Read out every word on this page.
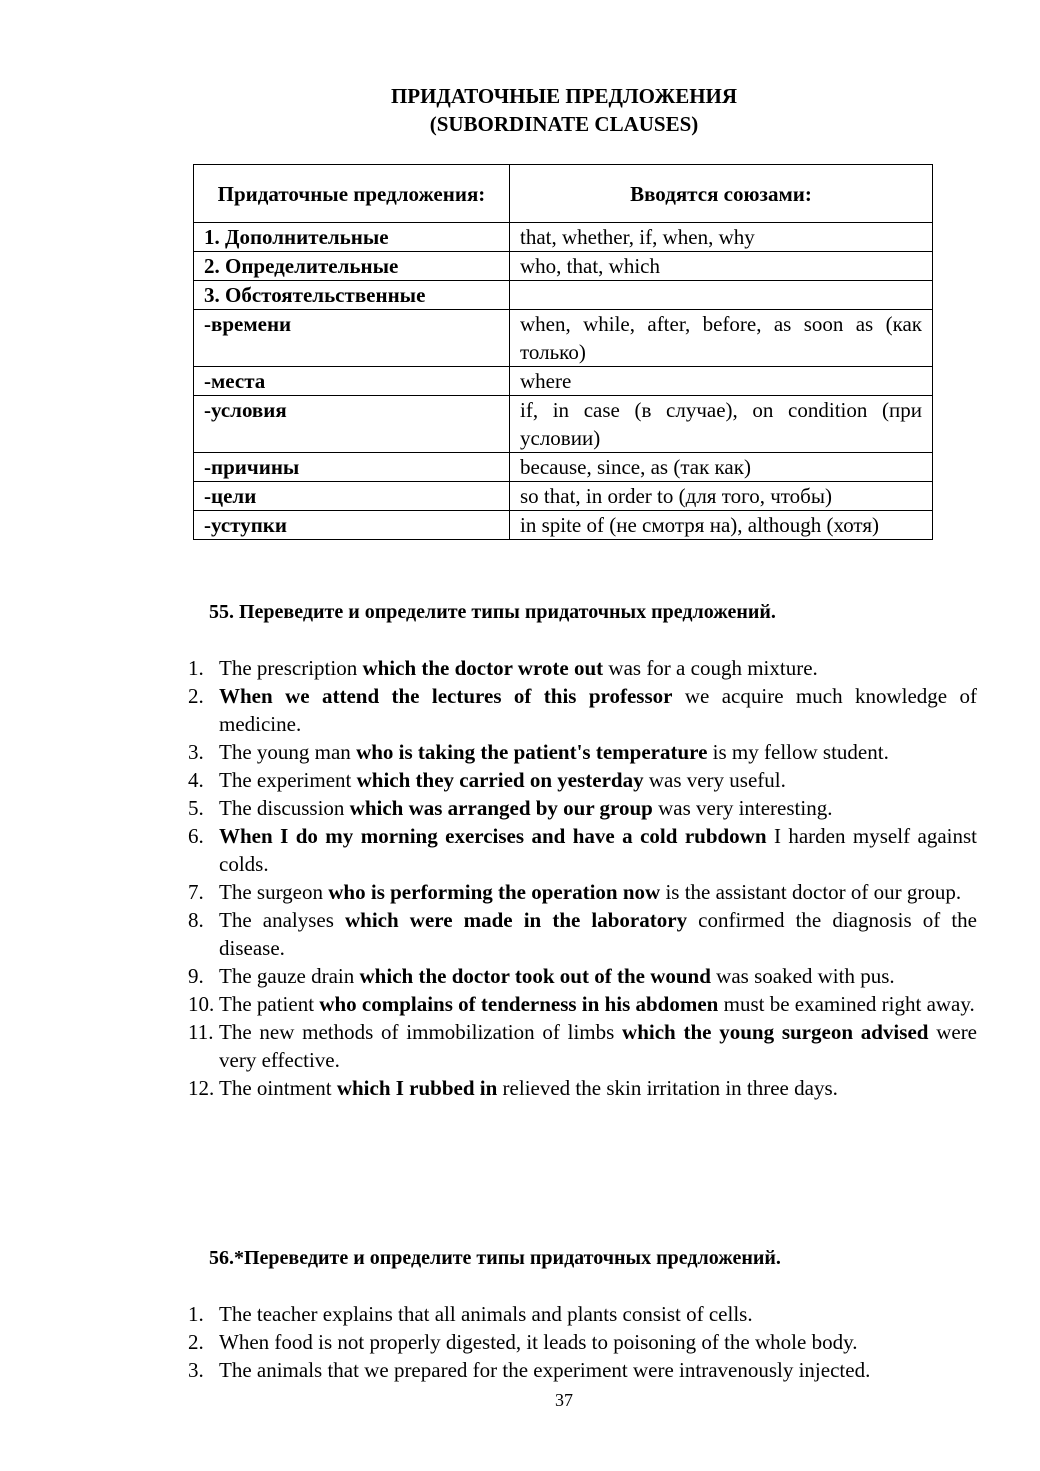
ПРИДАТОЧНЫЕ ПРЕДЛОЖЕНИЯ
(SUBORDINATE CLAUSES)
Придаточные предложения:	Вводятся союзами:
1. Дополнительные	that, whether, if, when, why
2. Определительные	who, that, which
3. Обстоятельственные	
-времени	when, while, after, before, as soon as (как только)
-места	where
-условия	if, in case (в случае), on condition (при условии)
-причины	because, since, as (так как)
-цели	so that, in order to (для того, чтобы)
-уступки	in spite of (не смотря на), although (хотя)
55. Переведите и определите типы придаточных предложений.
1. The prescription which the doctor wrote out was for a cough mixture.
2. When we attend the lectures of this professor we acquire much knowledge of medicine.
3. The young man who is taking the patient's temperature is my fellow student.
4. The experiment which they carried on yesterday was very useful.
5. The discussion which was arranged by our group was very interesting.
6. When I do my morning exercises and have a cold rubdown I harden myself against colds.
7. The surgeon who is performing the operation now is the assistant doctor of our group.
8. The analyses which were made in the laboratory confirmed the diagnosis of the disease.
9. The gauze drain which the doctor took out of the wound was soaked with pus.
10. The patient who complains of tenderness in his abdomen must be examined right away.
11. The new methods of immobilization of limbs which the young surgeon advised were very effective.
12. The ointment which I rubbed in relieved the skin irritation in three days.
56.*Переведите и определите типы придаточных предложений.
1. The teacher explains that all animals and plants consist of cells.
2. When food is not properly digested, it leads to poisoning of the whole body.
3. The animals that we prepared for the experiment were intravenously injected.
37
